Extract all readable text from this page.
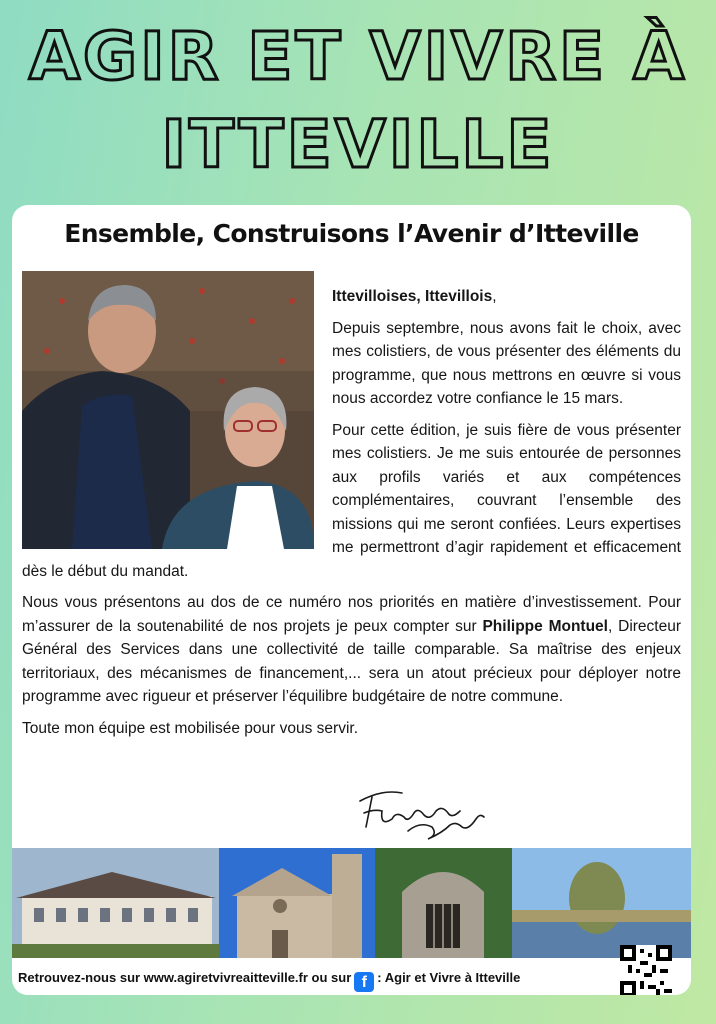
AGIR ET VIVRE À
ITTEVILLE
Ensemble, Construisons l’Avenir d’Itteville

Ittevilloises, Ittevillois,

Depuis septembre, nous avons fait le choix, avec mes colistiers, de vous présenter des éléments du programme, que nous mettrons en œuvre si vous nous accordez votre confiance le 15 mars.

Pour cette édition, je suis fière de vous présenter mes colistiers. Je me suis entourée de personnes aux profils variés et aux compétences complémentaires, couvrant l’ensemble des missions qui me seront confiées. Leurs expertises me permettront d’agir rapidement et efficacement dès le début du mandat.

Nous vous présentons au dos de ce numéro nos priorités en matière d’investissement. Pour m’assurer de la soutenabilité de nos projets je peux compter sur Philippe Montuel, Directeur Général des Services dans une collectivité de taille comparable. Sa maîtrise des enjeux territoriaux, des mécanismes de financement,... sera un atout précieux pour déployer notre programme avec rigueur et préserver l’équilibre budgétaire de notre commune.

Toute mon équipe est mobilisée pour vous servir.

Retrouvez-nous sur www.agiretvivreaitteville.fr ou sur f : Agir et Vivre à Itteville
